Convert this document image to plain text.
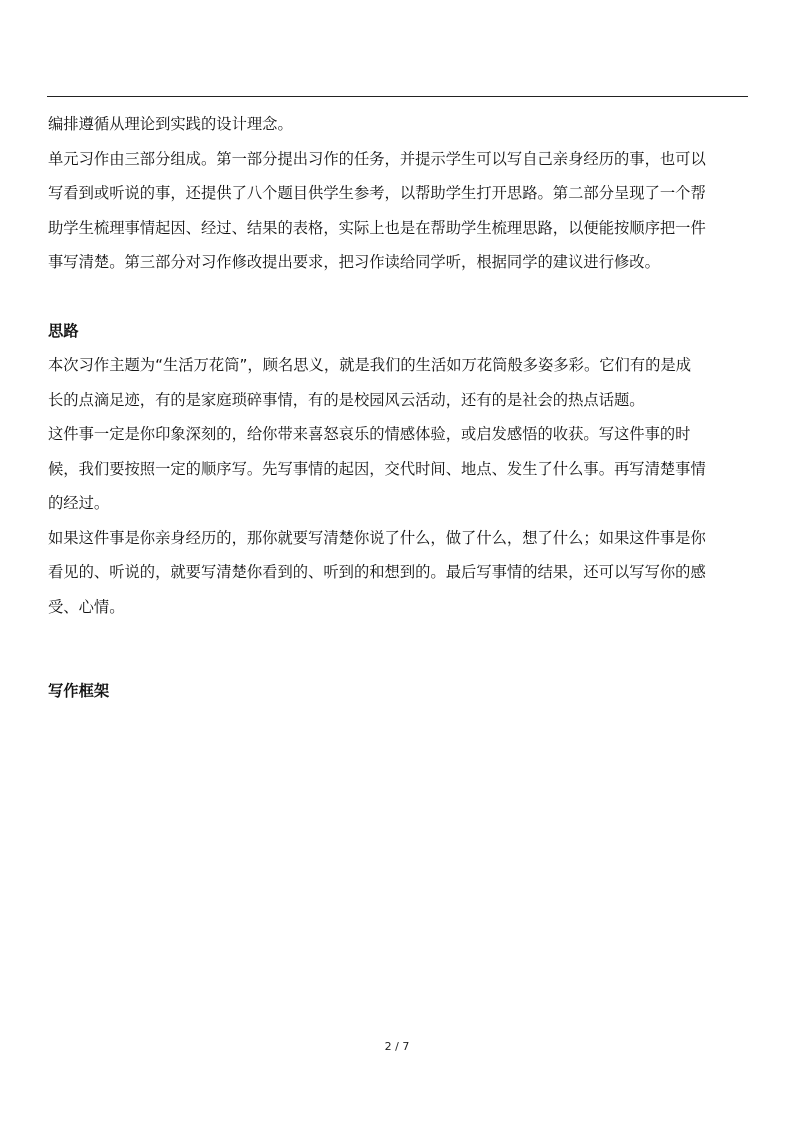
编排遵循从理论到实践的设计理念。

单元习作由三部分组成。第一部分提出习作的任务，并提示学生可以写自己亲身经历的事，也可以
写看到或听说的事，还提供了八个题目供学生参考，以帮助学生打开思路。第二部分呈现了一个帮
助学生梳理事情起因、经过、结果的表格，实际上也是在帮助学生梳理思路，以便能按顺序把一件
事写清楚。第三部分对习作修改提出要求，把习作读给同学听，根据同学的建议进行修改。

思路

本次习作主题为“生活万花筒”，顾名思义，就是我们的生活如万花筒般多姿多彩。它们有的是成
长的点滴足迹，有的是家庭琐碎事情，有的是校园风云活动，还有的是社会的热点话题。

这件事一定是你印象深刻的，给你带来喜怒哀乐的情感体验，或启发感悟的收获。写这件事的时
候，我们要按照一定的顺序写。先写事情的起因，交代时间、地点、发生了什么事。再写清楚事情
的经过。

如果这件事是你亲身经历的，那你就要写清楚你说了什么，做了什么，想了什么；如果这件事是你
看见的、听说的，就要写清楚你看到的、听到的和想到的。最后写事情的结果，还可以写写你的感
受、心情。

写作框架

2 / 7
